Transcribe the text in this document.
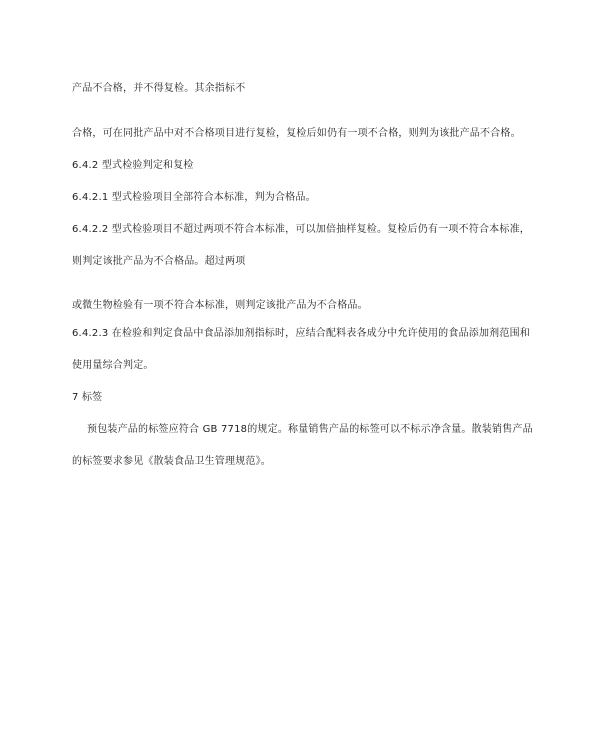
产品不合格，并不得复检。其余指标不
合格，可在同批产品中对不合格项目进行复检，复检后如仍有一项不合格，则判为该批产品不合格。
6.4.2 型式检验判定和复检
6.4.2.1 型式检验项目全部符合本标准，判为合格品。
6.4.2.2 型式检验项目不超过两项不符合本标准，可以加倍抽样复检。复检后仍有一项不符合本标准，
则判定该批产品为不合格品。超过两项
或微生物检验有一项不符合本标准，则判定该批产品为不合格品。
6.4.2.3 在检验和判定食品中食品添加剂指标时，应结合配料表各成分中允许使用的食品添加剂范围和
使用量综合判定。
7 标签
预包装产品的标签应符合 GB 7718的规定。称量销售产品的标签可以不标示净含量。散装销售产品
的标签要求参见《散装食品卫生管理规范》。
